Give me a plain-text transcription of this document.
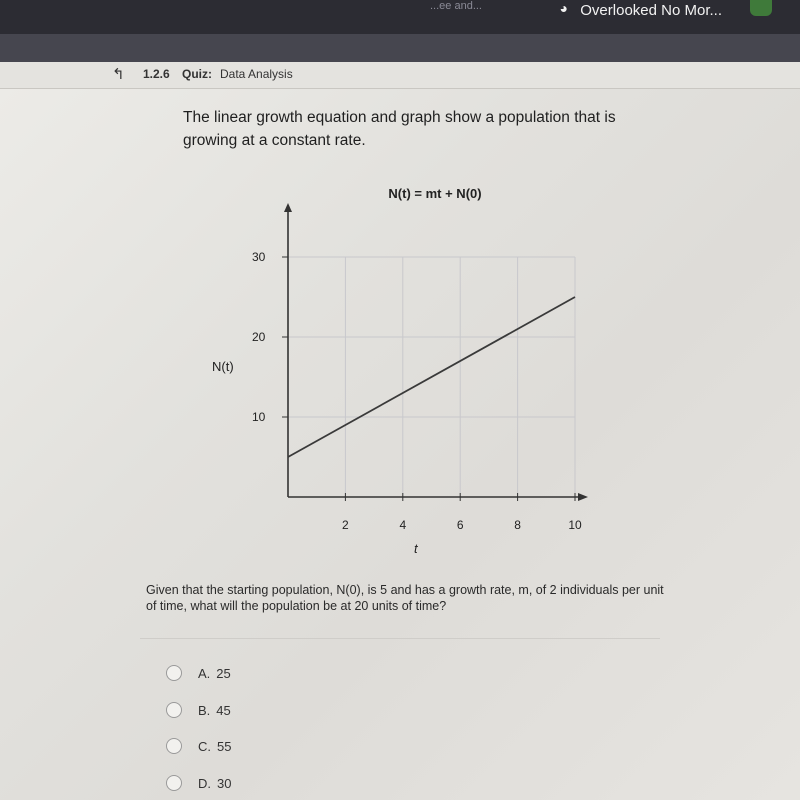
...ee and...	◕ Overlooked No Mor...
↰ 1.2.6 Quiz: Data Analysis
The linear growth equation and graph show a population that is growing at a constant rate.
N(t) = mt + N(0)
N(t)
t
2	4	6	8	10
10
20
30
Given that the starting population, N(0), is 5 and has a growth rate, m, of 2 individuals per unit of time, what will the population be at 20 units of time?
A. 25
B. 45
C. 55
D. 30
